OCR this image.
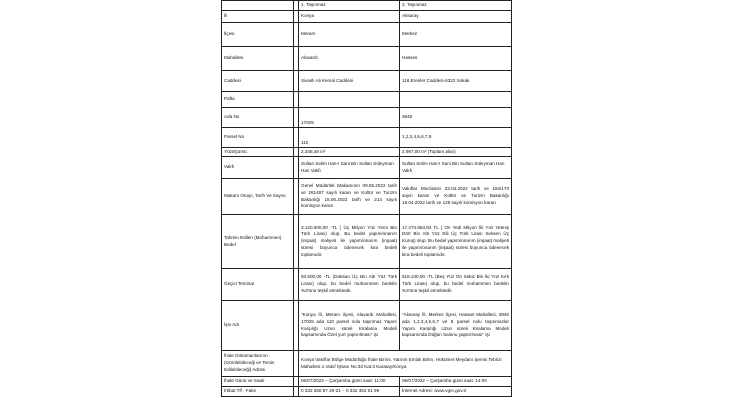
		1. Taşınmaz	2. Taşınmaz
İli		Konya	Aksaray
İlçesi		Meram	Merkez
Mahallesi		Alavardı	Hasses
Caddesi		Sivaslı Ali Kemal Caddesi	116.Erenler Caddesi-6322 Sokak
Pafta			
Ada No		17025	3846
Parsel No		110	1,2,3,4,5,6,7,8
Yüzölçümü		2.348,48 m²	2.987,00 m² (Toplam alan)
Vakfı		Sultan Selim Han-I Sani Bin Sultan Süleyman Han Vakfı	Sultan Selim Han-I Sani Bin Sultan Süleyman Han Vakfı
Makam Onayı, Tarih Ve Sayısı		Genel Müdürlük Makamının 09.06.2022 tarih ve 261467 sayılı kararı ve Kültür ve Turizm Bakanlığı 15.06.2022 tarih ve 214 sayılı komisyon kararı	Vakıflar Meclisinin 23.04.2022 tarih ve 184/170 sayılı kararı ve Kültür ve Turizm Bakanlığı 19.04.2022 tarih ve 125 sayılı komisyon kararı
Tahmin Edilen (Muhammen) Bedel		3.120.000,00 -TL ( Üç Milyon Yüz Yirmi Bin Türk Lirası) olup, Bu bedel yapım/onarım (inşaat) maliyeti ile yapım/onarım (inşaat) süresi boyunca ödenecek kira bedeli toplamıdır.	17.274.653,83 TL ( On Yedi Milyon İki Yüz Yetmiş Dört Bin Altı Yüz Elli Üç Türk Lirası Seksen Üç Kuruş) olup, Bu bedel yapım/onarım (inşaat) maliyeti ile yapım/onarım (inşaat) süresi boyunca ödenecek kira bedeli toplamıdır.
Geçici Teminat		93.600,00 -TL (Doksan Üç Bin Altı Yüz Türk Lirası) olup, bu bedel muhammen bedelin %3'ünü teşkil etmektedir.	518.240,00 -TL (Beş Yüz On Sekiz Bin İki Yüz Kırk Türk Lirası) olup, bu bedel muhammen bedelin %3'ünü teşkil etmektedir.
İşin Adı		"Konya İli, Meram ilçesi, Alavardı Mahallesi, 17025 ada 110 parsel nolu taşınmaz Yapım Karşılığı Uzun süreli Kiralama Modeli kapsamında Özel yurt yaptırılması" işi	"Aksaray İli, Merkez ilçesi, Hassas Mahallesi, 3846 ada 1,2,3,4,5,6,7 ve 8 parsel nolu taşınmazlar Yapım Karşılığı Uzun süreli Kiralama Modeli kapsamında Düğün Salonu yaptırılması" işi
İhale Dokümanlarının (Görülebileceği ve Temin Edilebileceği) Adresi		Konya Vakıflar Bölge Müdürlüğü İhale Birimi, Yatırım Emlak Birim, Hükümet Meydanı Şemsi Tebrizi Mahallesi 1.Vakıf İşhanı No;33 Kat:3 Karatay/Konya	
İhale Günü ve Saati		06/07/2022 – Çarşamba günü saat: 11:00	06/07/2022 – Çarşamba günü saat: 14:00
İrtibat Tlf - Faks		0 332 350 87 20-21 – 0 332 353 61 99	İnternet Adresi: www.vgm.gov.tr
